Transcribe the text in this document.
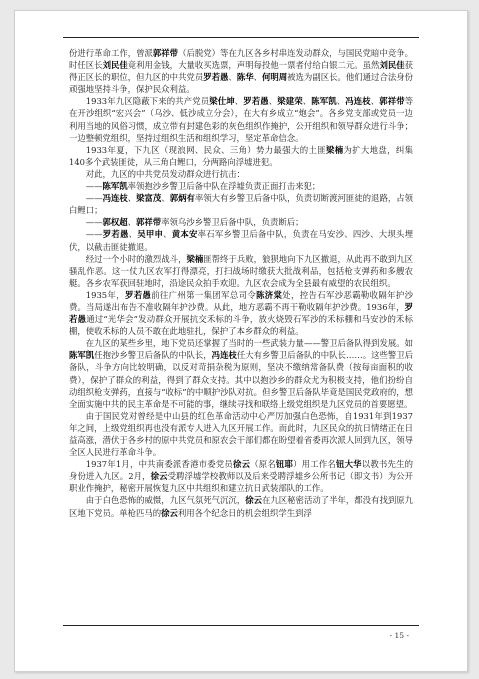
份进行革命工作，曾派郭祥带（后脱党）等在九区各乡村串连发动群众，与国民党暗中竞争。时任区长刘民佳竟利用金钱，大量收买选票，声明每投他一票者付给白银二元。虽然刘民佳获得正区长的职位，但九区的中共党员罗若愚、陈华、何明周被选为副区长。他们通过合法身份顽强地坚持斗争，保护民众利益。

1933年九区隐蔽下来的共产党员梁仕坤、罗若愚、梁建荣、陈军凯、冯连枝、郭祥带等在开沙组织“宏兴会”（乌沙、低沙成立分会），在大有乡成立“炮会”。各乡党支部或党员一边利用当地的风俗习惯，成立带有封建色彩的灰色组织作掩护，公开组织和领导群众进行斗争；一边整顿党组织，坚持过组织生活和组织学习，坚定革命信念。

1933年夏，下九区（现浪网、民众、三角）势力最强大的土匪梁楠为扩大地盘，纠集140多个武装匪徒，从三角白鲤口，分两路向浮墟进犯。

对此，九区的中共党员发动群众进行抗击：

——陈军凯率领抱沙乡警卫后备中队在浮墟负责正面打击来犯；

——冯连枝、梁富茂、郭炳有率领大有乡警卫后备中队，负责切断渡河匪徒的退路，占领白鲤口；

——郭权超、郭祥带率领乌沙乡警卫后备中队，负责断后；

——罗若愚、吴甲申、黄本安率石军乡警卫后备中队，负责在马安沙、四沙、大坝头埋伏，以截击匪徒撤退。

经过一个小时的激烈战斗，梁楠匪帮终于兵败，狼狈地向下九区撤退，从此再不敢到九区骚乱作恶。这一仗九区农军打得漂亮，打扫战场时缴获大批战利品，包括枪支弹药和多艘农艇。各乡农军获回驻地时，沿途民众拍手欢迎。九区农会成为全县最有威望的农民组织。

1935年，罗若愚前往广州第一集团军总司令陈济棠处，控告石军沙恶霸勒收隔年护沙费。当局遂出布告不准收隔年护沙费。从此，地方恶霸不再干勒收隔年护沙费。1936年，罗若愚通过“光华会”发动群众开展抗交禾标的斗争，放火烧毁石军沙的禾标棚和马安沙的禾标棚，使收禾标的人员不敢在此地驻扎，保护了本乡群众的利益。

在九区的某些乡里，地下党员还掌握了当时的一些武装力量——警卫后备队得到发展。如陈军凯任抱沙乡警卫后备队的中队长，冯连枝任大有乡警卫后备队的中队长……。这些警卫后备队，斗争方向比较明确，以反对苛捐杂税为原则，坚决不缴纳常备队费（按每亩面积的收费），保护了群众的利益，得到了群众支持。其中以抱沙乡的群众尤为积极支持，他们扮纷自动组织枪支弹药，直接与“收标”的中顺护沙队对抗。但乡警卫后备队毕竟是国民党政府的，想全面实施中共的民主革命是不可能的事，继续寻找和联络上级党组织是九区党员的首要愿望。

由于国民党对曾经是中山县的红色革命活动中心严厉加强白色恐怖，自1931年到1937年之间，上级党组织再也没有派专人进入九区开展工作。而此时，九区民众的抗日情绪正在日益高涨，潜伏于各乡村的原中共党员和原农会干部们都在盼望着省委再次派人回到九区，领导全区人民进行革命斗争。

1937年1月，中共南委派香港市委党员徐云（原名钮耶）用工作名钮大华以教书先生的身份进入九区。2月，徐云受聘浮墟学校教师以及后来受聘浮墟乡公所书记（即文书）为公开职业作掩护，秘密开展恢复九区中共组织和建立抗日武装部队的工作。

由于白色恐怖的威慑，九区气氛死气沉沉，徐云在九区秘密活动了半年，都没有找到原九区地下党员。单枪匹马的徐云利用各个纪念日的机会组织学生到浮

- 15 -
